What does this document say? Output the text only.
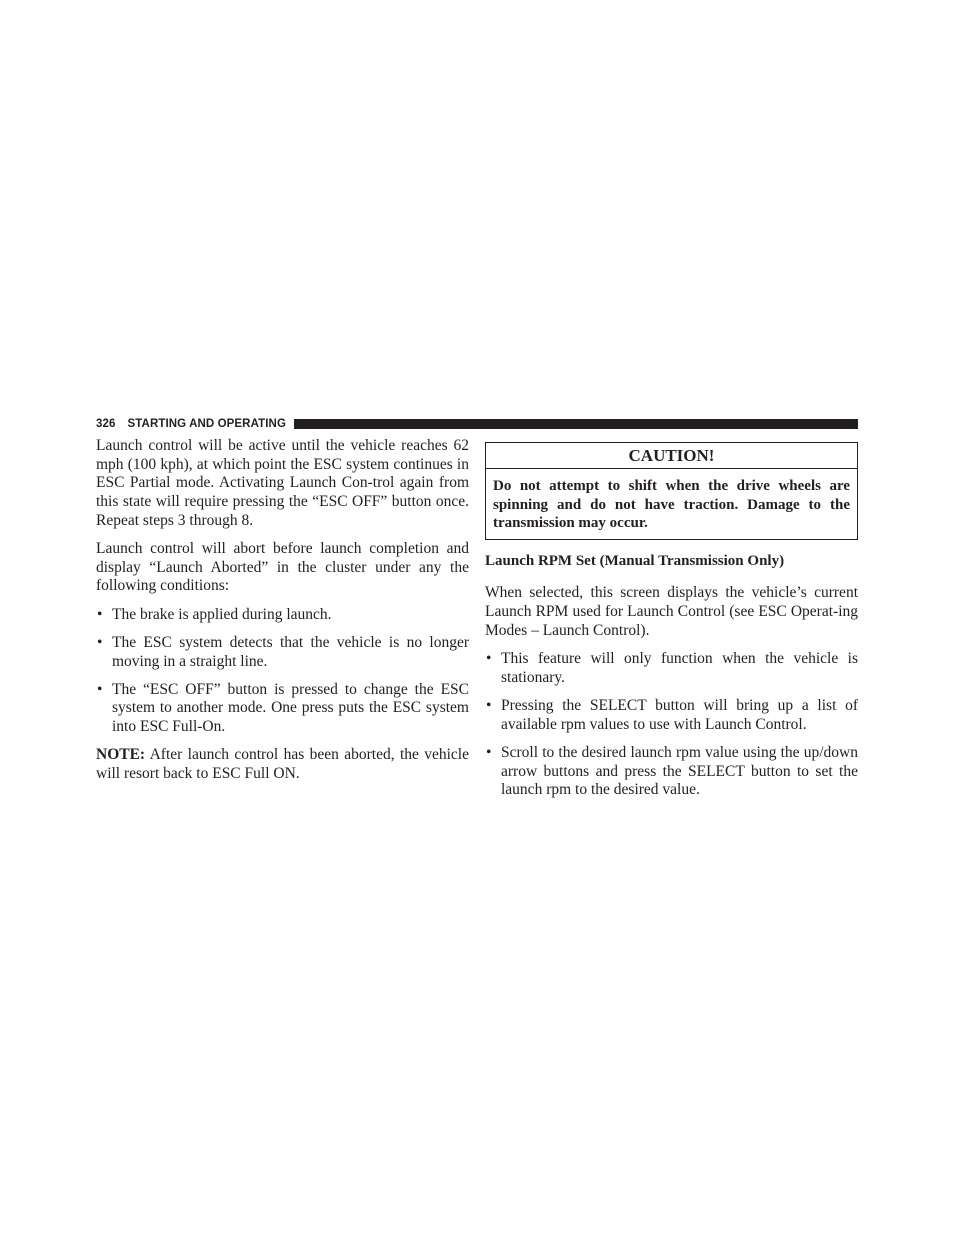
326 STARTING AND OPERATING

Launch control will be active until the vehicle reaches 62 mph (100 kph), at which point the ESC system continues in ESC Partial mode. Activating Launch Con-trol again from this state will require pressing the “ESC OFF” button once. Repeat steps 3 through 8.

Launch control will abort before launch completion and display “Launch Aborted” in the cluster under any the following conditions:

• The brake is applied during launch.
• The ESC system detects that the vehicle is no longer moving in a straight line.
• The “ESC OFF” button is pressed to change the ESC system to another mode. One press puts the ESC system into ESC Full-On.

NOTE: After launch control has been aborted, the vehicle will resort back to ESC Full ON.

CAUTION!
Do not attempt to shift when the drive wheels are spinning and do not have traction. Damage to the transmission may occur.
Launch RPM Set (Manual Transmission Only)

When selected, this screen displays the vehicle’s current Launch RPM used for Launch Control (see ESC Operat-ing Modes – Launch Control).

• This feature will only function when the vehicle is stationary.
• Pressing the SELECT button will bring up a list of available rpm values to use with Launch Control.
• Scroll to the desired launch rpm value using the up/down arrow buttons and press the SELECT button to set the launch rpm to the desired value.
